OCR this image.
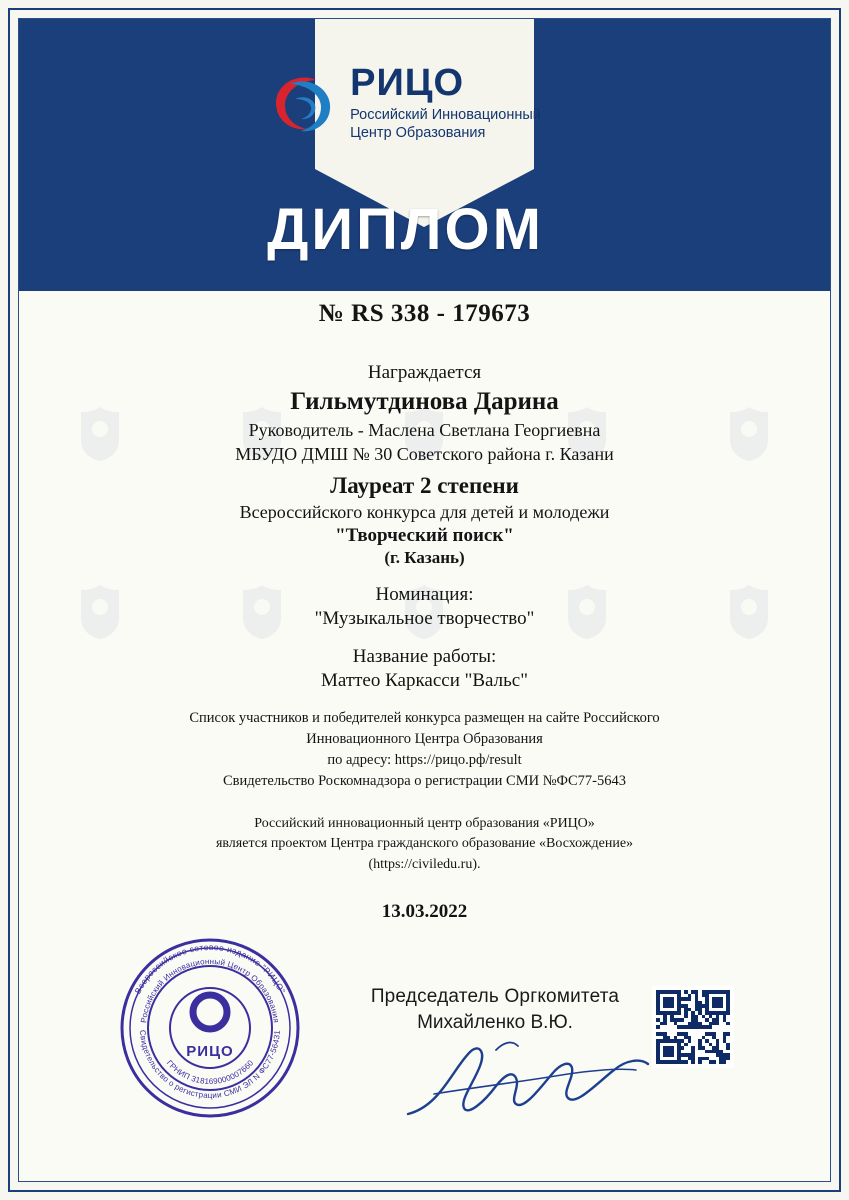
РИЦО
Российский Инновационный
Центр Образования
ДИПЛОМ
№ RS 338 - 179673
Награждается
Гильмутдинова Дарина
Руководитель - Маслена Светлана Георгиевна
МБУДО ДМШ № 30 Советского района г. Казани
Лауреат 2 степени
Всероссийского конкурса для детей и молодежи
"Творческий поиск"
(г. Казань)
Номинация:
"Музыкальное творчество"
Название работы:
Маттео Каркасси "Вальс"
Список участников и победителей конкурса размещен на сайте Российского
Инновационного Центра Образования
по адресу: https://рицо.рф/result
Свидетельство Роскомнадзора о регистрации СМИ №ФС77-5643
Российский инновационный центр образования «РИЦО»
является проектом Центра гражданского образование «Восхождение»
(https://civiledu.ru).
13.03.2022
Всероссийское сетевое издание "РИЦО"
Свидетельство о регистрации СМИ ЭЛ N ФС77-56431
Российский Инновационный Центр Образования
ГРНИП 318169000007660
РИЦО
Председатель Оргкомитета
Михайленко В.Ю.
